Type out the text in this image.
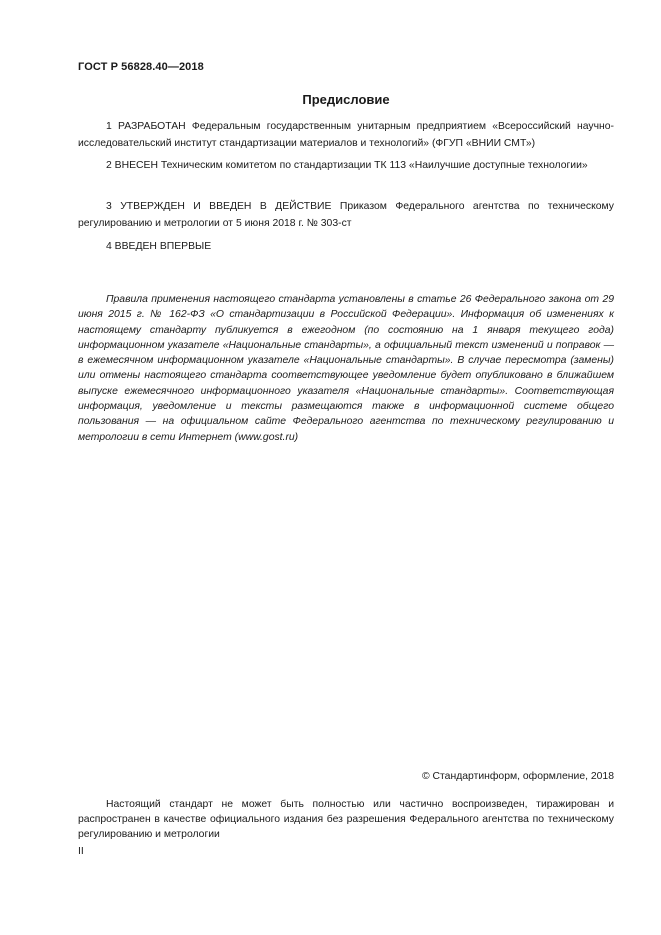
ГОСТ Р 56828.40—2018
Предисловие

1 РАЗРАБОТАН Федеральным государственным унитарным предприятием «Всероссийский научно-исследовательский институт стандартизации материалов и технологий» (ФГУП «ВНИИ СМТ»)

2 ВНЕСЕН Техническим комитетом по стандартизации ТК 113 «Наилучшие доступные технологии»

3 УТВЕРЖДЕН И ВВЕДЕН В ДЕЙСТВИЕ Приказом Федерального агентства по техническому регулированию и метрологии от 5 июня 2018 г. № 303-ст

4 ВВЕДЕН ВПЕРВЫЕ

Правила применения настоящего стандарта установлены в статье 26 Федерального закона от 29 июня 2015 г. № 162-ФЗ «О стандартизации в Российской Федерации». Информация об изменениях к настоящему стандарту публикуется в ежегодном (по состоянию на 1 января текущего года) информационном указателе «Национальные стандарты», а официальный текст изменений и поправок — в ежемесячном информационном указателе «Национальные стандарты». В случае пересмотра (замены) или отмены настоящего стандарта соответствующее уведомление будет опубликовано в ближайшем выпуске ежемесячного информационного указателя «Национальные стандарты». Соответствующая информация, уведомление и тексты размещаются также в информационной системе общего пользования — на официальном сайте Федерального агентства по техническому регулированию и метрологии в сети Интернет (www.gost.ru)

© Стандартинформ, оформление, 2018

Настоящий стандарт не может быть полностью или частично воспроизведен, тиражирован и распространен в качестве официального издания без разрешения Федерального агентства по техническому регулированию и метрологии

II
